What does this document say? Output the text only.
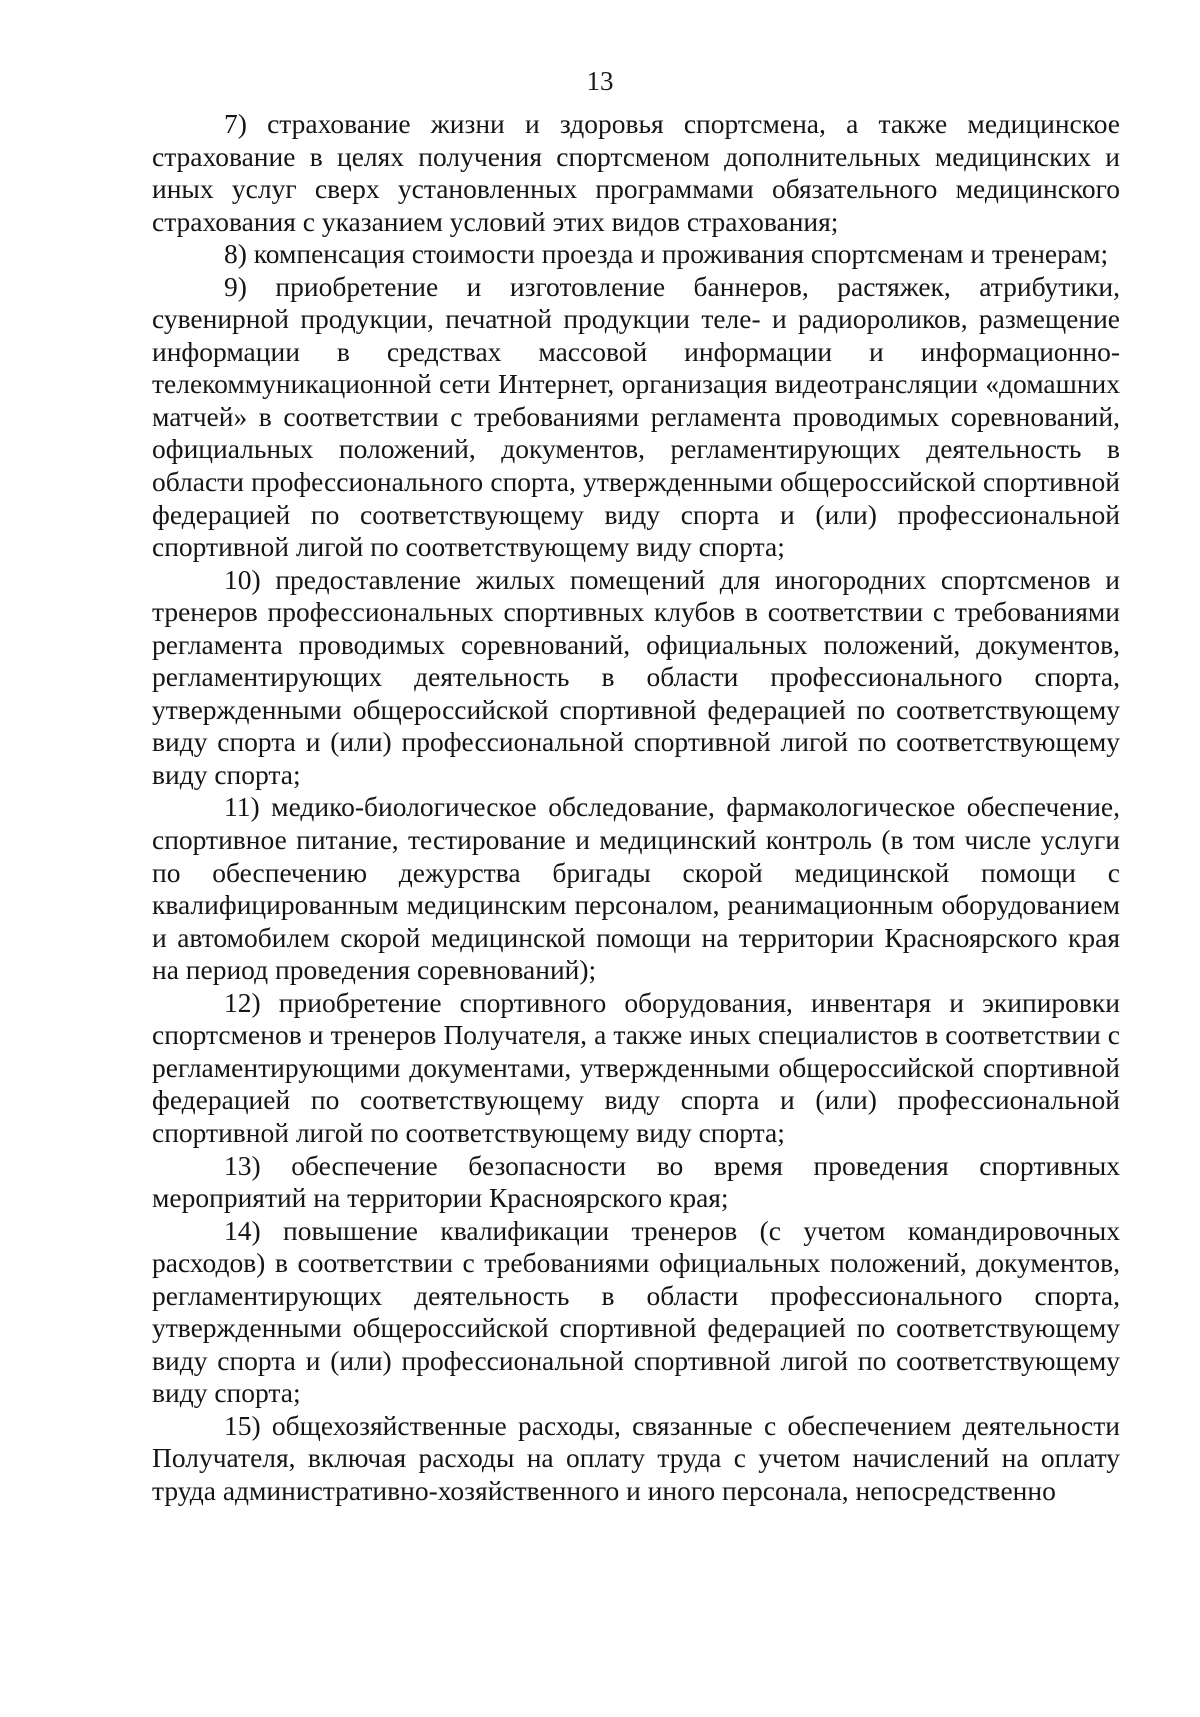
13

7) страхование жизни и здоровья спортсмена, а также медицинское страхование в целях получения спортсменом дополнительных медицинских и иных услуг сверх установленных программами обязательного медицинского страхования с указанием условий этих видов страхования;

8) компенсация стоимости проезда и проживания спортсменам и тренерам;

9) приобретение и изготовление баннеров, растяжек, атрибутики, сувенирной продукции, печатной продукции теле- и радиороликов, размещение информации в средствах массовой информации и информационно-телекоммуникационной сети Интернет, организация видеотрансляции «домашних матчей» в соответствии с требованиями регламента проводимых соревнований, официальных положений, документов, регламентирующих деятельность в области профессионального спорта, утвержденными общероссийской спортивной федерацией по соответствующему виду спорта и (или) профессиональной спортивной лигой по соответствующему виду спорта;

10) предоставление жилых помещений для иногородних спортсменов и тренеров профессиональных спортивных клубов в соответствии с требованиями регламента проводимых соревнований, официальных положений, документов, регламентирующих деятельность в области профессионального спорта, утвержденными общероссийской спортивной федерацией по соответствующему виду спорта и (или) профессиональной спортивной лигой по соответствующему виду спорта;

11) медико-биологическое обследование, фармакологическое обеспечение, спортивное питание, тестирование и медицинский контроль (в том числе услуги по обеспечению дежурства бригады скорой медицинской помощи с квалифицированным медицинским персоналом, реанимационным оборудованием и автомобилем скорой медицинской помощи на территории Красноярского края на период проведения соревнований);

12) приобретение спортивного оборудования, инвентаря и экипировки спортсменов и тренеров Получателя, а также иных специалистов в соответствии с регламентирующими документами, утвержденными общероссийской спортивной федерацией по соответствующему виду спорта и (или) профессиональной спортивной лигой по соответствующему виду спорта;

13) обеспечение безопасности во время проведения спортивных мероприятий на территории Красноярского края;

14) повышение квалификации тренеров (с учетом командировочных расходов) в соответствии с требованиями официальных положений, документов, регламентирующих деятельность в области профессионального спорта, утвержденными общероссийской спортивной федерацией по соответствующему виду спорта и (или) профессиональной спортивной лигой по соответствующему виду спорта;

15) общехозяйственные расходы, связанные с обеспечением деятельности Получателя, включая расходы на оплату труда с учетом начислений на оплату труда административно-хозяйственного и иного персонала, непосредственно
